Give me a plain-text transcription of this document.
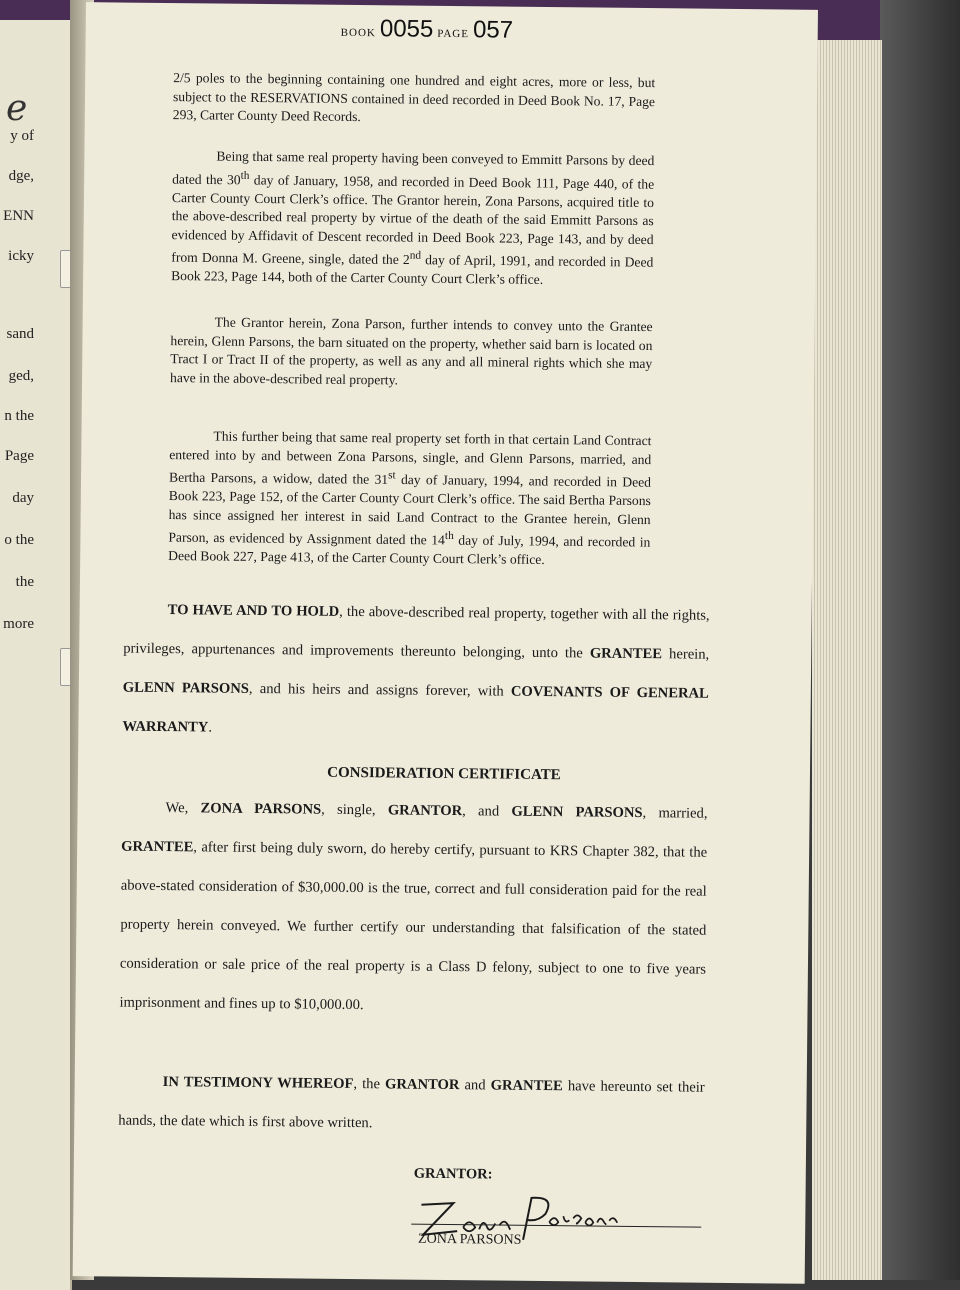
e
y of
dge,
ENN
icky
sand
ged,
n the
Page
day
o the
the
more
BOOK 0055 PAGE 057
2/5 poles to the beginning containing one hundred and eight acres, more or less, but subject to the RESERVATIONS contained in deed recorded in Deed Book No. 17, Page 293, Carter County Deed Records.
Being that same real property having been conveyed to Emmitt Parsons by deed dated the 30th day of January, 1958, and recorded in Deed Book 111, Page 440, of the Carter County Court Clerk’s office. The Grantor herein, Zona Parsons, acquired title to the above-described real property by virtue of the death of the said Emmitt Parsons as evidenced by Affidavit of Descent recorded in Deed Book 223, Page 143, and by deed from Donna M. Greene, single, dated the 2nd day of April, 1991, and recorded in Deed Book 223, Page 144, both of the Carter County Court Clerk’s office.
The Grantor herein, Zona Parson, further intends to convey unto the Grantee herein, Glenn Parsons, the barn situated on the property, whether said barn is located on Tract I or Tract II of the property, as well as any and all mineral rights which she may have in the above-described real property.
This further being that same real property set forth in that certain Land Contract entered into by and between Zona Parsons, single, and Glenn Parsons, married, and Bertha Parsons, a widow, dated the 31st day of January, 1994, and recorded in Deed Book 223, Page 152, of the Carter County Court Clerk’s office. The said Bertha Parsons has since assigned her interest in said Land Contract to the Grantee herein, Glenn Parson, as evidenced by Assignment dated the 14th day of July, 1994, and recorded in Deed Book 227, Page 413, of the Carter County Court Clerk’s office.
TO HAVE AND TO HOLD, the above-described real property, together with all the rights, privileges, appurtenances and improvements thereunto belonging, unto the GRANTEE herein, GLENN PARSONS, and his heirs and assigns forever, with COVENANTS OF GENERAL WARRANTY.
CONSIDERATION CERTIFICATE
We, ZONA PARSONS, single, GRANTOR, and GLENN PARSONS, married, GRANTEE, after first being duly sworn, do hereby certify, pursuant to KRS Chapter 382, that the above-stated consideration of $30,000.00 is the true, correct and full consideration paid for the real property herein conveyed. We further certify our understanding that falsification of the stated consideration or sale price of the real property is a Class D felony, subject to one to five years imprisonment and fines up to $10,000.00.
IN TESTIMONY WHEREOF, the GRANTOR and GRANTEE have hereunto set their hands, the date which is first above written.
GRANTOR:
ZONA PARSONS
